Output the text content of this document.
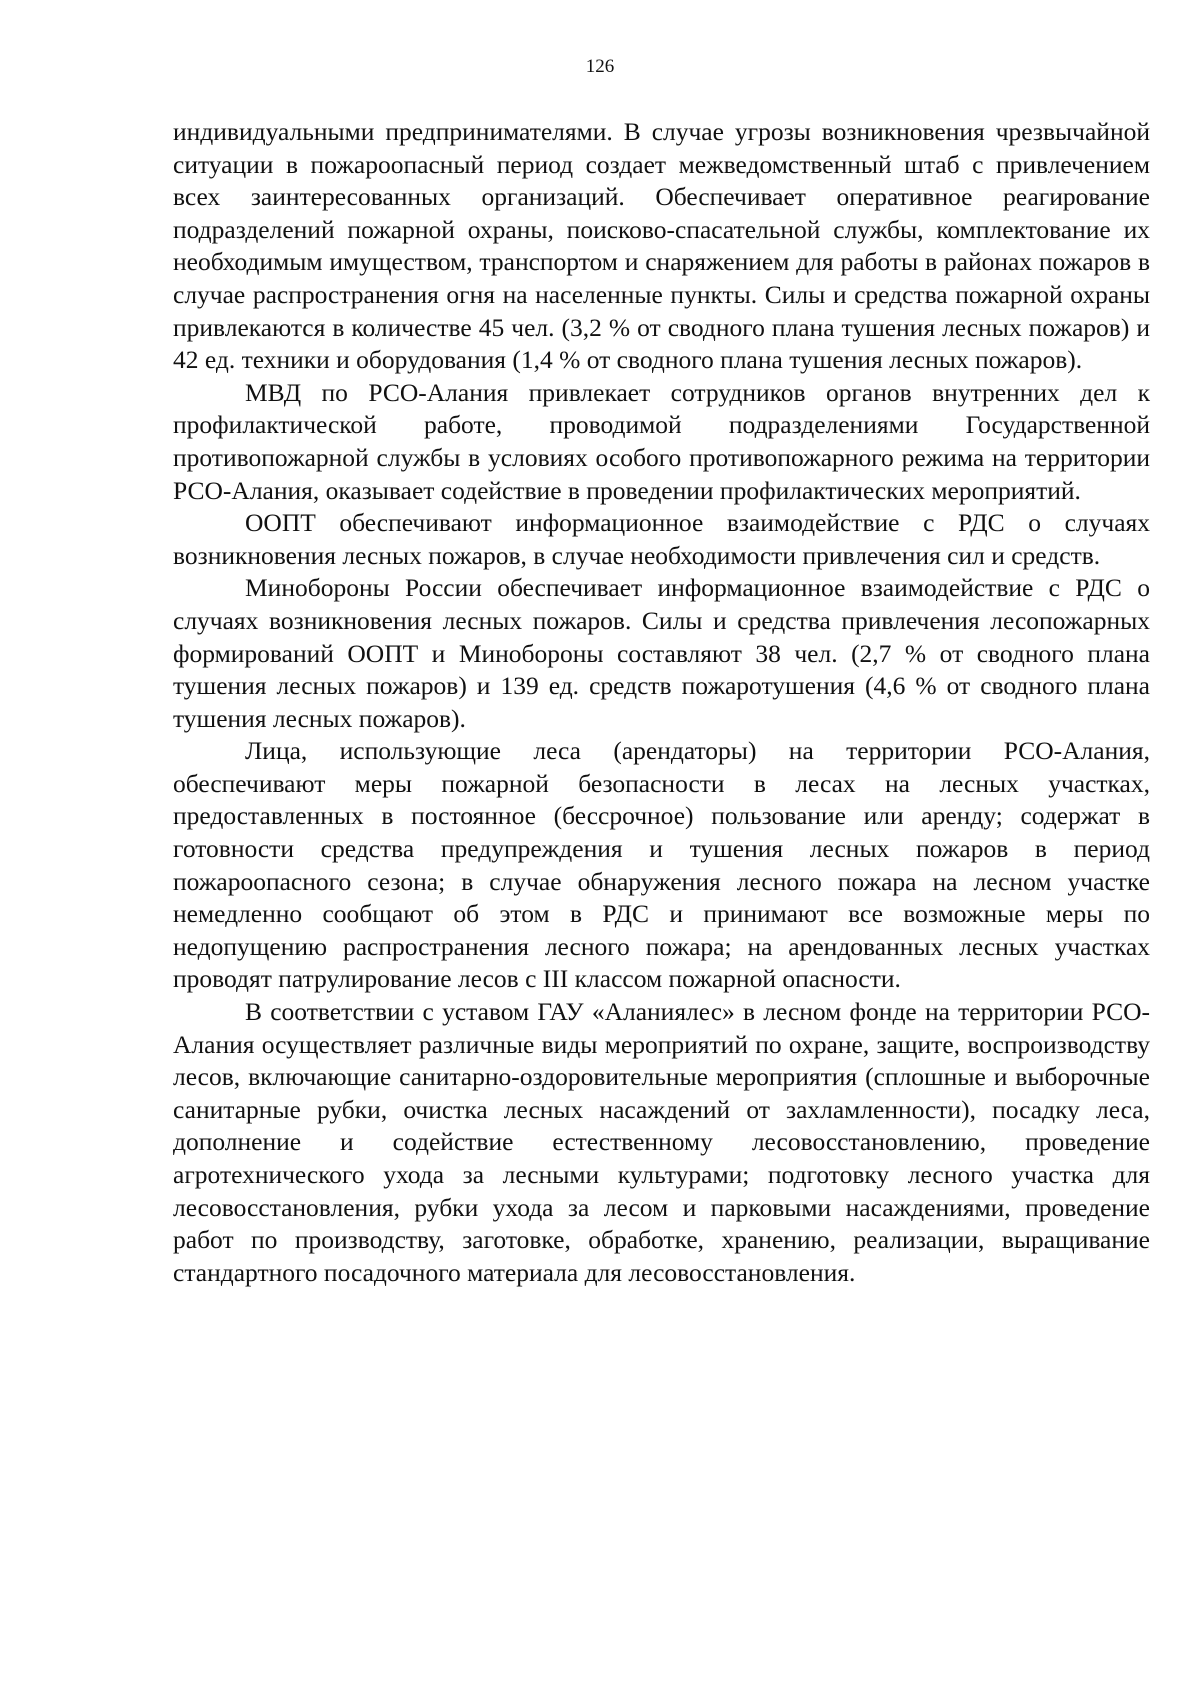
126

индивидуальными предпринимателями. В случае угрозы возникновения чрезвычайной ситуации в пожароопасный период создает межведомственный штаб с привлечением всех заинтересованных организаций. Обеспечивает оперативное реагирование подразделений пожарной охраны, поисково-спасательной службы, комплектование их необходимым имуществом, транспортом и снаряжением для работы в районах пожаров в случае распространения огня на населенные пункты. Силы и средства пожарной охраны привлекаются в количестве 45 чел. (3,2 % от сводного плана тушения лесных пожаров) и 42 ед. техники и оборудования (1,4 % от сводного плана тушения лесных пожаров).

МВД по РСО-Алания привлекает сотрудников органов внутренних дел к профилактической работе, проводимой подразделениями Государственной противопожарной службы в условиях особого противопожарного режима на территории РСО-Алания, оказывает содействие в проведении профилактических мероприятий.

ООПТ обеспечивают информационное взаимодействие с РДС о случаях возникновения лесных пожаров, в случае необходимости привлечения сил и средств.

Минобороны России обеспечивает информационное взаимодействие с РДС о случаях возникновения лесных пожаров. Силы и средства привлечения лесопожарных формирований ООПТ и Минобороны составляют 38 чел. (2,7 % от сводного плана тушения лесных пожаров) и 139 ед. средств пожаротушения (4,6 % от сводного плана тушения лесных пожаров).

Лица, использующие леса (арендаторы) на территории РСО-Алания, обеспечивают меры пожарной безопасности в лесах на лесных участках, предоставленных в постоянное (бессрочное) пользование или аренду; содержат в готовности средства предупреждения и тушения лесных пожаров в период пожароопасного сезона; в случае обнаружения лесного пожара на лесном участке немедленно сообщают об этом в РДС и принимают все возможные меры по недопущению распространения лесного пожара; на арендованных лесных участках проводят патрулирование лесов с III классом пожарной опасности.

В соответствии с уставом ГАУ «Аланиялес» в лесном фонде на территории РСО-Алания осуществляет различные виды мероприятий по охране, защите, воспроизводству лесов, включающие санитарно-оздоровительные мероприятия (сплошные и выборочные санитарные рубки, очистка лесных насаждений от захламленности), посадку леса, дополнение и содействие естественному лесовосстановлению, проведение агротехнического ухода за лесными культурами; подготовку лесного участка для лесовосстановления, рубки ухода за лесом и парковыми насаждениями, проведение работ по производству, заготовке, обработке, хранению, реализации, выращивание стандартного посадочного материала для лесовосстановления.
